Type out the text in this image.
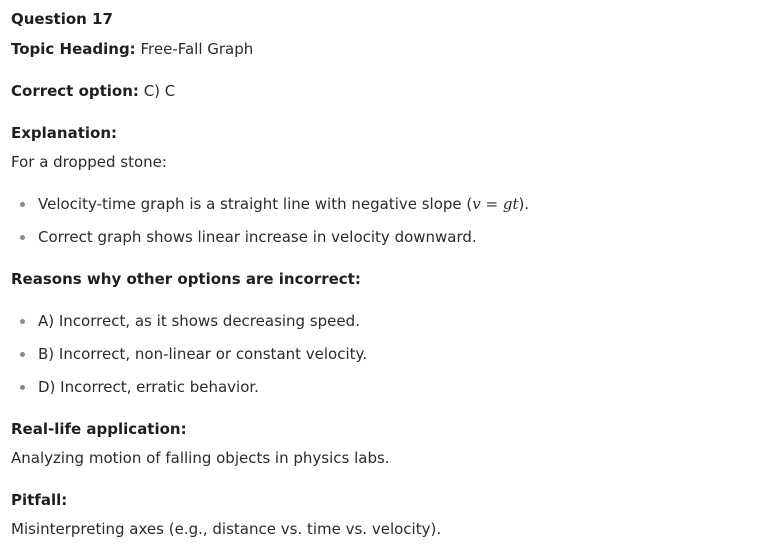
Question 17
Topic Heading: Free-Fall Graph
Correct option: C) C
Explanation:
For a dropped stone:
Velocity-time graph is a straight line with negative slope (v = gt).
Correct graph shows linear increase in velocity downward.
Reasons why other options are incorrect:
A) Incorrect, as it shows decreasing speed.
B) Incorrect, non-linear or constant velocity.
D) Incorrect, erratic behavior.
Real-life application:
Analyzing motion of falling objects in physics labs.
Pitfall:
Misinterpreting axes (e.g., distance vs. time vs. velocity).
